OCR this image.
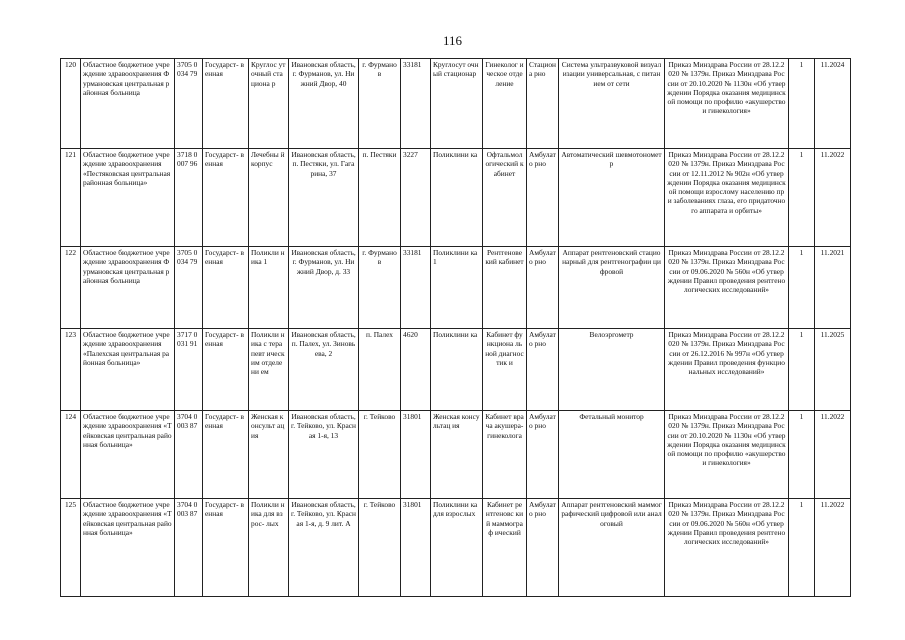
116
120	Областное бюджетное учреждение здравоохранения Фурмановская центральная районная больница	3705 0034 79	Государст- венная	Круглос уточный стациона р	Ивановская область, г. Фурманов, ул. Нижний Двор, 40	г. Фурмано в	33181	Круглосут очный стационар	Гинеколог ическое отделение	Стациона рно	Система ультразвуковой визуализации универсальная, с питанием от сети	Приказ Минздрава России от 28.12.2020 № 1379н. Приказ Минздрава России от 20.10.2020 № 1130н «Об утверждении Порядка оказания медицинской помощи по профилю «акушерство и гинекология»	1	11.2024
121	Областное бюджетное учреждение здравоохранения «Пестяковская центральная районная больница»	3718 0007 96	Государст- венная	Лечебны й корпус	Ивановская область, п. Пестяки, ул. Гагарина, 37	п. Пестяки	3227	Поликлини ка	Офтальмол огический кабинет	Амбулато рно	Автоматический шевмотонометр	Приказ Минздрава России от 28.12.2020 № 1379н. Приказ Минздрава России от 12.11.2012 № 902н «Об утверждении Порядка оказания медицинской помощи взрослому населению при заболеваниях глаза, его придаточного аппарата и орбиты»	1	11.2022
122	Областное бюджетное учреждение здравоохранения Фурмановская центральная районная больница	3705 0034 79	Государст- венная	Поликли ника 1	Ивановская область, г. Фурманов, ул. Нижний Двор, д. 33	г. Фурмано в	33181	Поликлини ка 1	Рентгенове кий кабинет	Амбулато рно	Аппарат рентгеновский стационарный для рентгенографии цифровой	Приказ Минздрава России от 28.12.2020 № 1379н. Приказ Минздрава России от 09.06.2020 № 560н «Об утверждении Правил проведения рентгенологических исследований»	1	11.2021
123	Областное бюджетное учреждение здравоохранения «Палехская центральная районная больница»	3717 0031 91	Государст- венная	Поликли ника с терапевт ическим отделени ем	Ивановская область, п. Палех, ул. Зиновьева, 2	п. Палех	4620	Поликлини ка	Кабинет функциона льной диагностик и	Амбулато рно	Велоэргометр	Приказ Минздрава России от 28.12.2020 № 1379н. Приказ Минздрава России от 26.12.2016 № 997н «Об утверждении Правил проведения функциональных исследований»	1	11.2025
124	Областное бюджетное учреждение здравоохранения «Тейковская центральная районная больница»	3704 0003 87	Государст- венная	Женская консульт ация	Ивановская область, г. Тейково, ул. Красная 1-я, 13	г. Тейково	31801	Женская консультац ия	Кабинет врача акушера- гинеколога	Амбулато рно	Фетальный монитор	Приказ Минздрава России от 28.12.2020 № 1379н. Приказ Минздрава России от 20.10.2020 № 1130н «Об утверждении Порядка оказания медицинской помощи по профилю «акушерство и гинекология»	1	11.2022
125	Областное бюджетное учреждение здравоохранения «Тейковская центральная районная больница»	3704 0003 87	Государст- венная	Поликли ника для взрос- лых	Ивановская область, г. Тейково, ул. Красная 1-я, д. 9 лит. А	г. Тейково	31801	Поликлини ка для взрослых	Кабинет рентгеновс кий маммограф ический	Амбулато рно	Аппарат рентгеновский маммографический цифровой или аналоговый	Приказ Минздрава России от 28.12.2020 № 1379н. Приказ Минздрава России от 09.06.2020 № 560н «Об утверждении Правил проведения рентгенологических исследований»	1	11.2022
